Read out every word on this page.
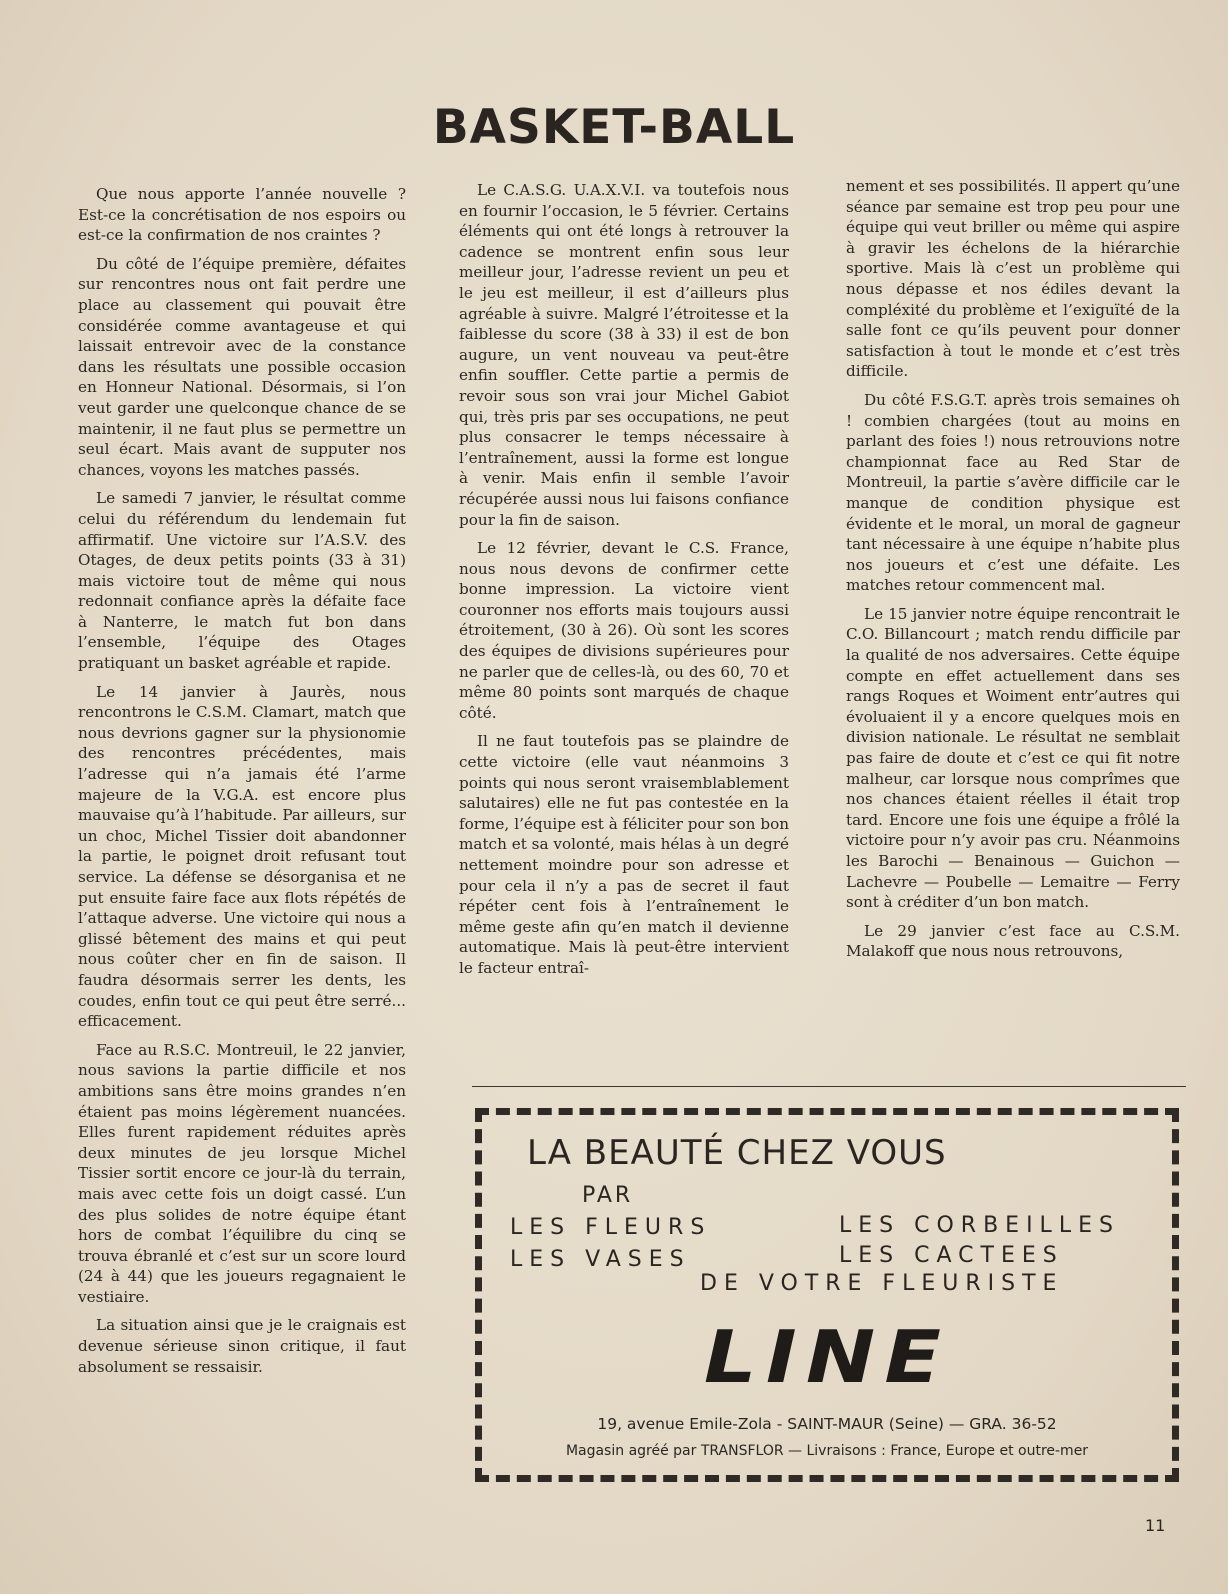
BASKET-BALL

Que nous apporte l’année nouvelle ? Est-ce la concrétisation de nos espoirs ou est-ce la confirmation de nos craintes ?

Du côté de l’équipe première, défaites sur rencontres nous ont fait perdre une place au classement qui pouvait être considérée comme avantageuse et qui laissait entrevoir avec de la constance dans les résultats une possible occasion en Honneur National. Désormais, si l’on veut garder une quelconque chance de se maintenir, il ne faut plus se permettre un seul écart. Mais avant de supputer nos chances, voyons les matches passés.

Le samedi 7 janvier, le résultat comme celui du référendum du lendemain fut affirmatif. Une victoire sur l’A.S.V. des Otages, de deux petits points (33 à 31) mais victoire tout de même qui nous redonnait confiance après la défaite face à Nanterre, le match fut bon dans l’ensemble, l’équipe des Otages pratiquant un basket agréable et rapide.

Le 14 janvier à Jaurès, nous rencontrons le C.S.M. Clamart, match que nous devrions gagner sur la physionomie des rencontres précédentes, mais l’adresse qui n’a jamais été l’arme majeure de la V.G.A. est encore plus mauvaise qu’à l’habitude. Par ailleurs, sur un choc, Michel Tissier doit abandonner la partie, le poignet droit refusant tout service. La défense se désorganisa et ne put ensuite faire face aux flots répétés de l’attaque adverse. Une victoire qui nous a glissé bêtement des mains et qui peut nous coûter cher en fin de saison. Il faudra désormais serrer les dents, les coudes, enfin tout ce qui peut être serré... efficacement.

Face au R.S.C. Montreuil, le 22 janvier, nous savions la partie difficile et nos ambitions sans être moins grandes n’en étaient pas moins légèrement nuancées. Elles furent rapidement réduites après deux minutes de jeu lorsque Michel Tissier sortit encore ce jour-là du terrain, mais avec cette fois un doigt cassé. L’un des plus solides de notre équipe étant hors de combat l’équilibre du cinq se trouva ébranlé et c’est sur un score lourd (24 à 44) que les joueurs regagnaient le vestiaire.

La situation ainsi que je le craignais est devenue sérieuse sinon critique, il faut absolument se ressaisir.

Le C.A.S.G. U.A.X.V.I. va toutefois nous en fournir l’occasion, le 5 février. Certains éléments qui ont été longs à retrouver la cadence se montrent enfin sous leur meilleur jour, l’adresse revient un peu et le jeu est meilleur, il est d’ailleurs plus agréable à suivre. Malgré l’étroitesse et la faiblesse du score (38 à 33) il est de bon augure, un vent nouveau va peut-être enfin souffler. Cette partie a permis de revoir sous son vrai jour Michel Gabiot qui, très pris par ses occupations, ne peut plus consacrer le temps nécessaire à l’entraînement, aussi la forme est longue à venir. Mais enfin il semble l’avoir récupérée aussi nous lui faisons confiance pour la fin de saison.

Le 12 février, devant le C.S. France, nous nous devons de confirmer cette bonne impression. La victoire vient couronner nos efforts mais toujours aussi étroitement, (30 à 26). Où sont les scores des équipes de divisions supérieures pour ne parler que de celles-là, ou des 60, 70 et même 80 points sont marqués de chaque côté.

Il ne faut toutefois pas se plaindre de cette victoire (elle vaut néanmoins 3 points qui nous seront vraisemblablement salutaires) elle ne fut pas contestée en la forme, l’équipe est à féliciter pour son bon match et sa volonté, mais hélas à un degré nettement moindre pour son adresse et pour cela il n’y a pas de secret il faut répéter cent fois à l’entraînement le même geste afin qu’en match il devienne automatique. Mais là peut-être intervient le facteur entraî-

nement et ses possibilités. Il appert qu’une séance par semaine est trop peu pour une équipe qui veut briller ou même qui aspire à gravir les échelons de la hiérarchie sportive. Mais là c’est un problème qui nous dépasse et nos édiles devant la compléxité du problème et l’exiguïté de la salle font ce qu’ils peuvent pour donner satisfaction à tout le monde et c’est très difficile.

Du côté F.S.G.T. après trois semaines oh ! combien chargées (tout au moins en parlant des foies !) nous retrouvions notre championnat face au Red Star de Montreuil, la partie s’avère difficile car le manque de condition physique est évidente et le moral, un moral de gagneur tant nécessaire à une équipe n’habite plus nos joueurs et c’est une défaite. Les matches retour commencent mal.

Le 15 janvier notre équipe rencontrait le C.O. Billancourt ; match rendu difficile par la qualité de nos adversaires. Cette équipe compte en effet actuellement dans ses rangs Roques et Woiment entr’autres qui évoluaient il y a encore quelques mois en division nationale. Le résultat ne semblait pas faire de doute et c’est ce qui fit notre malheur, car lorsque nous comprîmes que nos chances étaient réelles il était trop tard. Encore une fois une équipe a frôlé la victoire pour n’y avoir pas cru. Néanmoins les Barochi — Benainous — Guichon — Lachevre — Poubelle — Lemaitre — Ferry sont à créditer d’un bon match.

Le 29 janvier c’est face au C.S.M. Malakoff que nous nous retrouvons,

LA BEAUTÉ CHEZ VOUS
PAR
LES FLEURS
LES VASES
LES CORBEILLES
LES CACTEES
DE VOTRE FLEURISTE
LINE
19, avenue Emile-Zola - SAINT-MAUR (Seine) — GRA. 36-52
Magasin agréé par TRANSFLOR — Livraisons : France, Europe et outre-mer
11
